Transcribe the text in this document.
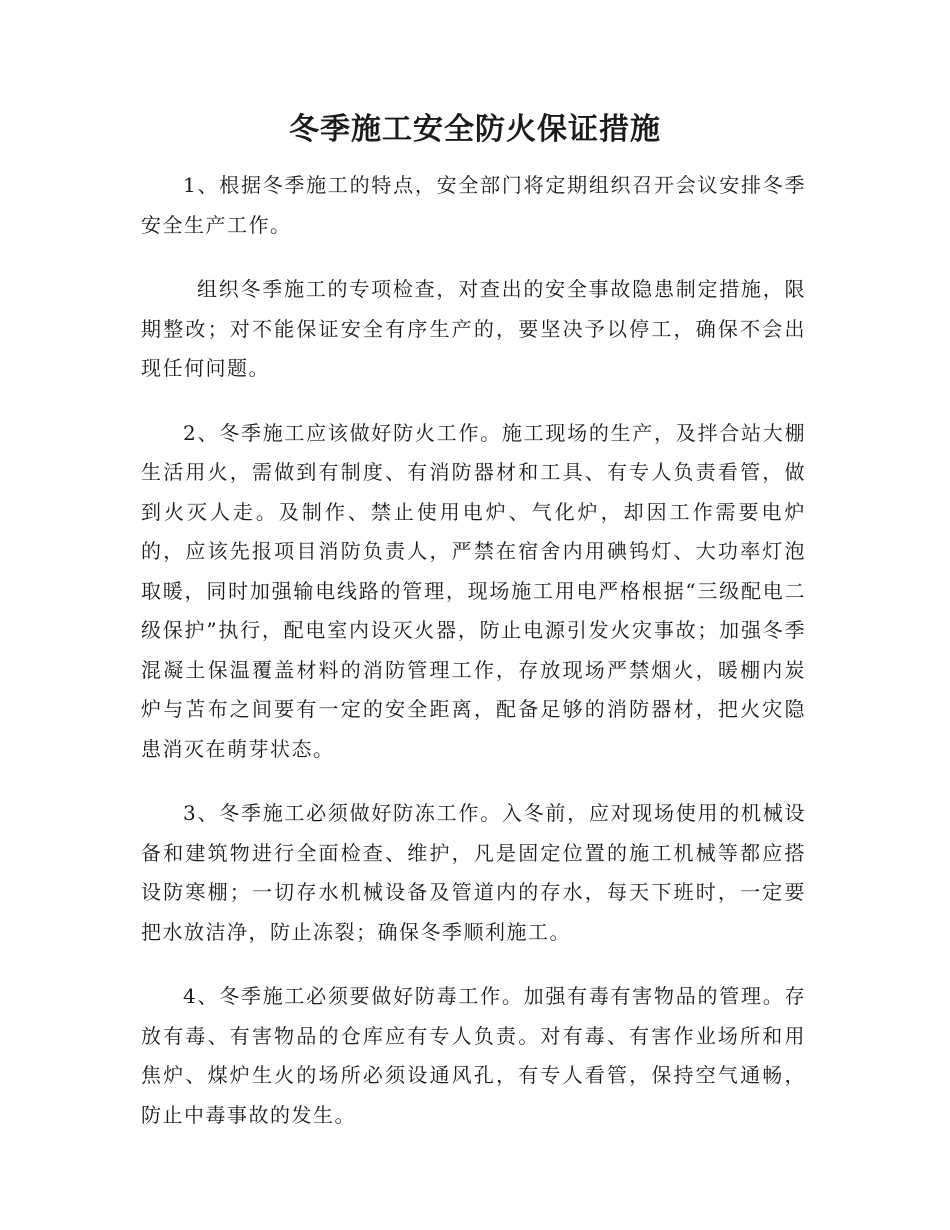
冬季施工安全防火保证措施

1、根据冬季施工的特点，安全部门将定期组织召开会议安排冬季安全生产工作。

组织冬季施工的专项检查，对查出的安全事故隐患制定措施，限期整改；对不能保证安全有序生产的，要坚决予以停工，确保不会出现任何问题。

2、冬季施工应该做好防火工作。施工现场的生产，及拌合站大棚生活用火，需做到有制度、有消防器材和工具、有专人负责看管，做到火灭人走。及制作、禁止使用电炉、气化炉，却因工作需要电炉的，应该先报项目消防负责人，严禁在宿舍内用碘钨灯、大功率灯泡取暖，同时加强输电线路的管理，现场施工用电严格根据“三级配电二级保护”执行，配电室内设灭火器，防止电源引发火灾事故；加强冬季混凝土保温覆盖材料的消防管理工作，存放现场严禁烟火，暖棚内炭炉与苫布之间要有一定的安全距离，配备足够的消防器材，把火灾隐患消灭在萌芽状态。

3、冬季施工必须做好防冻工作。入冬前，应对现场使用的机械设备和建筑物进行全面检查、维护，凡是固定位置的施工机械等都应搭设防寒棚；一切存水机械设备及管道内的存水，每天下班时，一定要把水放洁净，防止冻裂；确保冬季顺利施工。

4、冬季施工必须要做好防毒工作。加强有毒有害物品的管理。存放有毒、有害物品的仓库应有专人负责。对有毒、有害作业场所和用焦炉、煤炉生火的场所必须设通风孔，有专人看管，保持空气通畅，防止中毒事故的发生。
